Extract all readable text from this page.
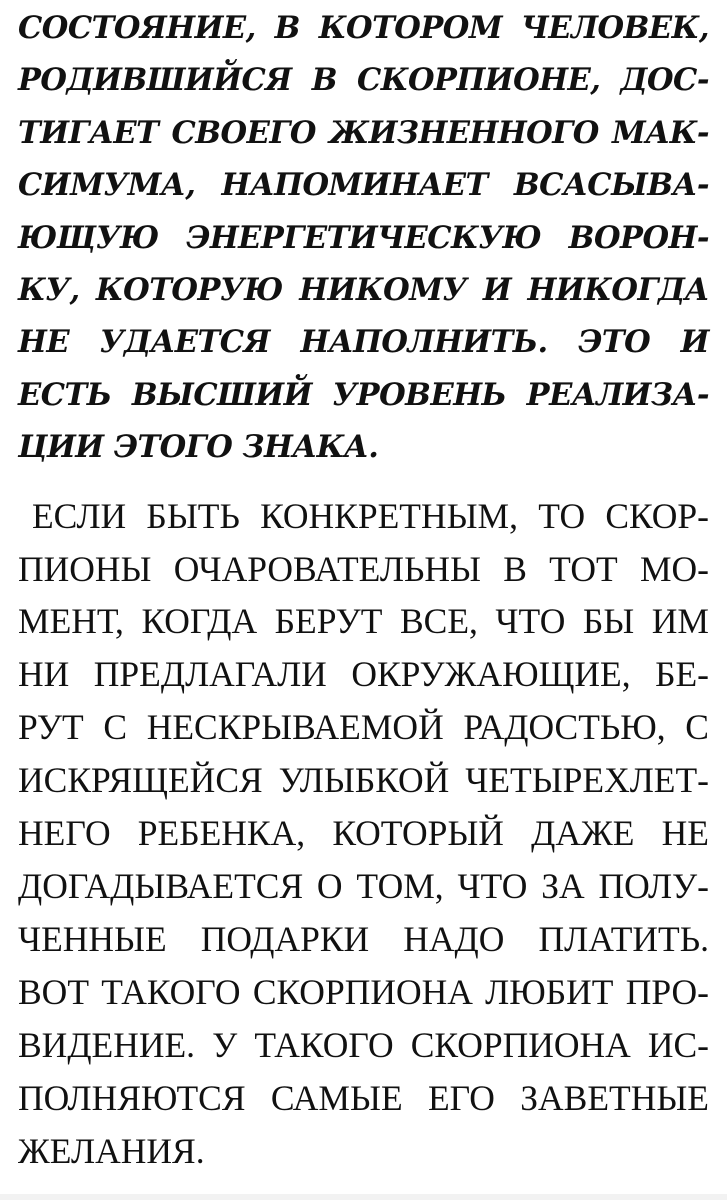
СОСТОЯНИЕ, В КОТОРОМ ЧЕЛОВЕК,
РОДИВШИЙСЯ В СКОРПИОНЕ, ДОС-
ТИГАЕТ СВОЕГО ЖИЗНЕННОГО МАК-
СИМУМА, НАПОМИНАЕТ ВСАСЫВА-
ЮЩУЮ ЭНЕРГЕТИЧЕСКУЮ ВОРОН-
КУ, КОТОРУЮ НИКОМУ И НИКОГДА
НЕ УДАЕТСЯ НАПОЛНИТЬ. ЭТО И
ЕСТЬ ВЫСШИЙ УРОВЕНЬ РЕАЛИЗА-
ЦИИ ЭТОГО ЗНАКА.
ЕСЛИ БЫТЬ КОНКРЕТНЫМ, ТО СКОР-
ПИОНЫ ОЧАРОВАТЕЛЬНЫ В ТОТ МО-
МЕНТ, КОГДА БЕРУТ ВСЕ, ЧТО БЫ ИМ
НИ ПРЕДЛАГАЛИ ОКРУЖАЮЩИЕ, БЕ-
РУТ С НЕСКРЫВАЕМОЙ РАДОСТЬЮ, С
ИСКРЯЩЕЙСЯ УЛЫБКОЙ ЧЕТЫРЕХЛЕТ-
НЕГО РЕБЕНКА, КОТОРЫЙ ДАЖЕ НЕ
ДОГАДЫВАЕТСЯ О ТОМ, ЧТО ЗА ПОЛУ-
ЧЕННЫЕ ПОДАРКИ НАДО ПЛАТИТЬ.
ВОТ ТАКОГО СКОРПИОНА ЛЮБИТ ПРО-
ВИДЕНИЕ. У ТАКОГО СКОРПИОНА ИС-
ПОЛНЯЮТСЯ САМЫЕ ЕГО ЗАВЕТНЫЕ
ЖЕЛАНИЯ.
